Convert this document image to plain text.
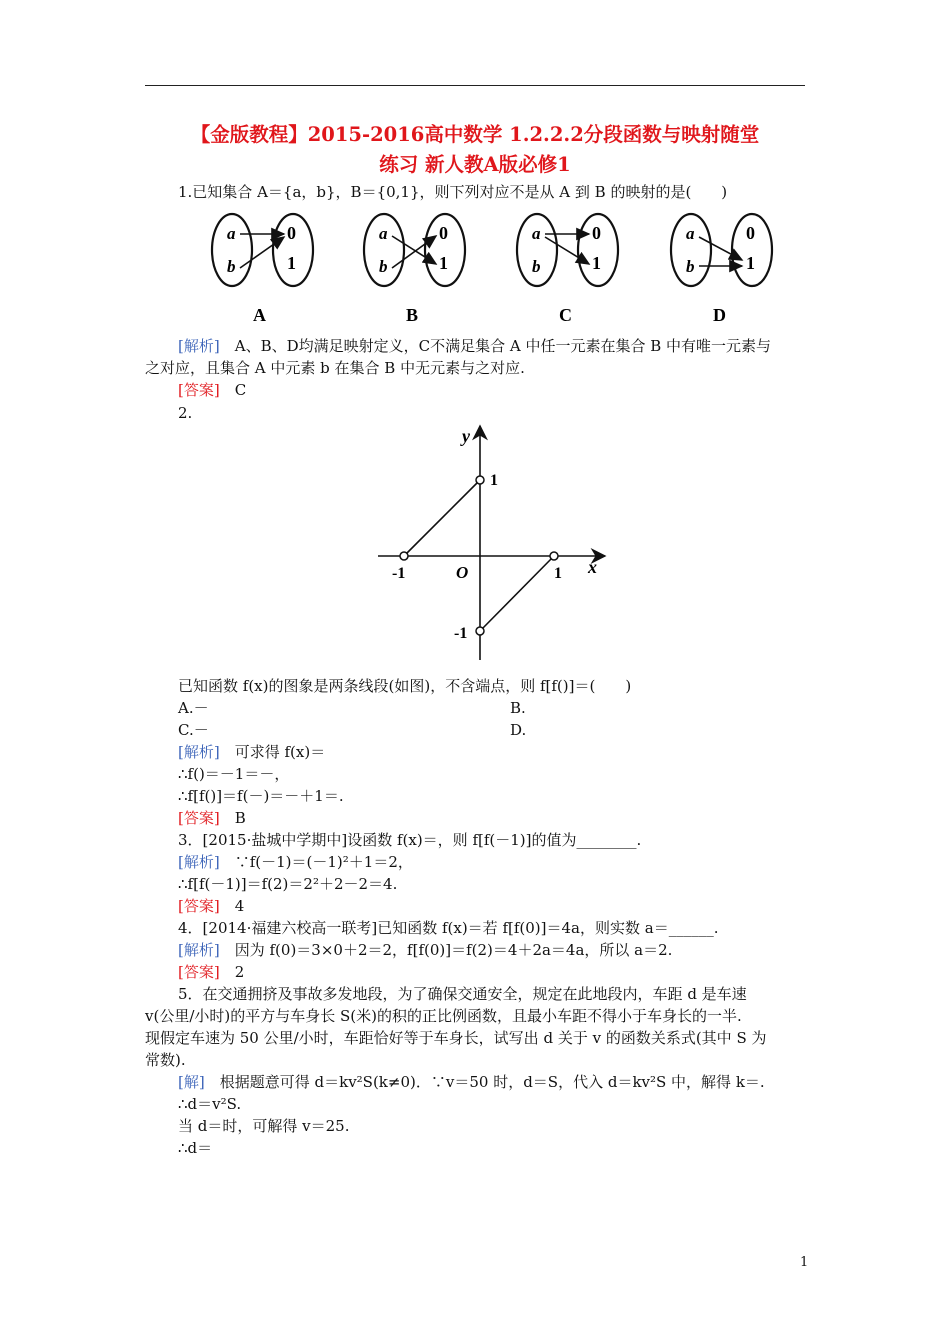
【金版教程】2015-2016高中数学 1.2.2.2分段函数与映射随堂
练习 新人教A版必修1
1.已知集合 A＝{a，b}，B＝{0,1}，则下列对应不是从 A 到 B 的映射的是(　　)
a
b
0
1
A
a
b
0
1
B
a
b
0
1
C
a
b
0
1
D
[解析]　 A、B、D均满足映射定义，C不满足集合 A 中任一元素在集合 B 中有唯一元素与
之对应，且集合 A 中元素 b 在集合 B 中无元素与之对应.
[答案]　 C
2.
y
x
O
-1	1
1
-1
已知函数 f(x)的图象是两条线段(如图)，不含端点，则 f[f()]＝(　　)
A.－	B.
C.－	D.
[解析]　 可求得 f(x)＝
∴f()＝－1＝－，
∴f[f()]＝f(－)＝－＋1＝.
[答案]　 B
3．[2015·盐城中学期中]设函数 f(x)＝，则 f[f(－1)]的值为________.
[解析]　 ∵f(－1)＝(－1)²＋1＝2，
∴f[f(－1)]＝f(2)＝2²＋2－2＝4.
[答案]　 4
4．[2014·福建六校高一联考]已知函数 f(x)＝若 f[f(0)]＝4a，则实数 a＝______.
[解析]　 因为 f(0)＝3×0＋2＝2，f[f(0)]＝f(2)＝4＋2a＝4a，所以 a＝2.
[答案]　 2
5．在交通拥挤及事故多发地段，为了确保交通安全，规定在此地段内，车距 d 是车速
v(公里/小时)的平方与车身长 S(米)的积的正比例函数，且最小车距不得小于车身长的一半.
现假定车速为 50 公里/小时，车距恰好等于车身长，试写出 d 关于 v 的函数关系式(其中 S 为
常数).
[解]　 根据题意可得 d＝kv²S(k≠0)．∵v＝50 时，d＝S，代入 d＝kv²S 中，解得 k＝.
∴d＝v²S.
当 d＝时，可解得 v＝25.
∴d＝
1
